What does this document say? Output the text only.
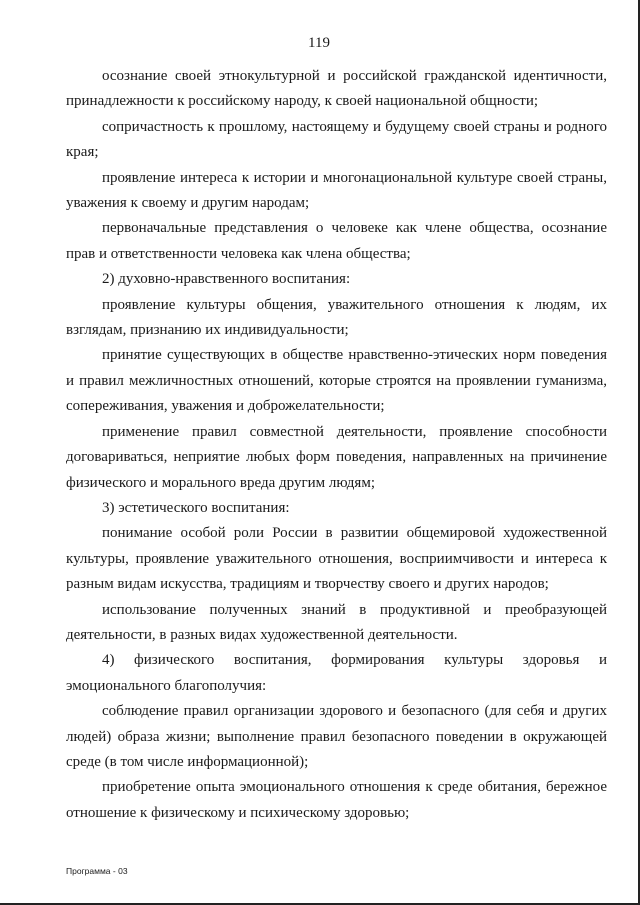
119

осознание своей этнокультурной и российской гражданской идентичности, принадлежности к российскому народу, к своей национальной общности;

сопричастность к прошлому, настоящему и будущему своей страны и родного края;

проявление интереса к истории и многонациональной культуре своей страны, уважения к своему и другим народам;

первоначальные представления о человеке как члене общества, осознание прав и ответственности человека как члена общества;

2) духовно-нравственного воспитания:

проявление культуры общения, уважительного отношения к людям, их взглядам, признанию их индивидуальности;

принятие существующих в обществе нравственно-этических норм поведения и правил межличностных отношений, которые строятся на проявлении гуманизма, сопереживания, уважения и доброжелательности;

применение правил совместной деятельности, проявление способности договариваться, неприятие любых форм поведения, направленных на причинение физического и морального вреда другим людям;

3) эстетического воспитания:

понимание особой роли России в развитии общемировой художественной культуры, проявление уважительного отношения, восприимчивости и интереса к разным видам искусства, традициям и творчеству своего и других народов;

использование полученных знаний в продуктивной и преобразующей деятельности, в разных видах художественной деятельности.

4) физического воспитания, формирования культуры здоровья и эмоционального благополучия:

соблюдение правил организации здорового и безопасного (для себя и других людей) образа жизни; выполнение правил безопасного поведении в окружающей среде (в том числе информационной);

приобретение опыта эмоционального отношения к среде обитания, бережное отношение к физическому и психическому здоровью;

Программа - 03
